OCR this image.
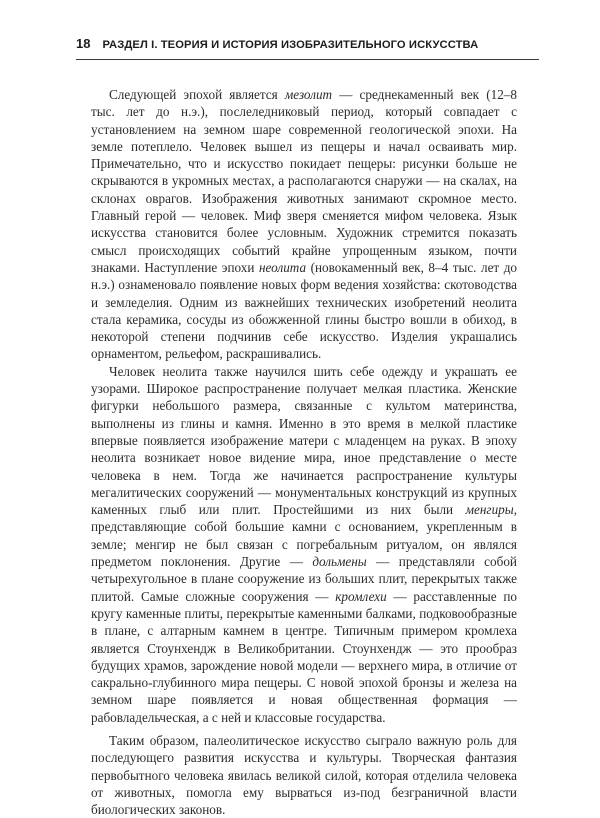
18 РАЗДЕЛ I. ТЕОРИЯ И ИСТОРИЯ ИЗОБРАЗИТЕЛЬНОГО ИСКУССТВА

Следующей эпохой является мезолит — среднекаменный век (12–8 тыс. лет до н.э.), послеледниковый период, который совпадает с установлением на земном шаре современной геологической эпохи. На земле потеплело. Человек вышел из пещеры и начал осваивать мир. Примечательно, что и искусство покидает пещеры: рисунки больше не скрываются в укромных местах, а располагаются снаружи — на скалах, на склонах оврагов. Изображения животных занимают скромное место. Главный герой — человек. Миф зверя сменяется мифом человека. Язык искусства становится более условным. Художник стремится показать смысл происходящих событий крайне упрощенным языком, почти знаками. Наступление эпохи неолита (новокаменный век, 8–4 тыс. лет до н.э.) ознаменовало появление новых форм ведения хозяйства: скотоводства и земледелия. Одним из важнейших технических изобретений неолита стала керамика, сосуды из обожженной глины быстро вошли в обиход, в некоторой степени подчинив себе искусство. Изделия украшались орнаментом, рельефом, раскрашивались.

Человек неолита также научился шить себе одежду и украшать ее узорами. Широкое распространение получает мелкая пластика. Женские фигурки небольшого размера, связанные с культом материнства, выполнены из глины и камня. Именно в это время в мелкой пластике впервые появляется изображение матери с младенцем на руках. В эпоху неолита возникает новое видение мира, иное представление о месте человека в нем. Тогда же начинается распространение культуры мегалитических сооружений — монументальных конструкций из крупных каменных глыб или плит. Простейшими из них были менгиры, представляющие собой большие камни с основанием, укрепленным в земле; менгир не был связан с погребальным ритуалом, он являлся предметом поклонения. Другие — дольмены — представляли собой четырехугольное в плане сооружение из больших плит, перекрытых также плитой. Самые сложные сооружения — кромлехи — расставленные по кругу каменные плиты, перекрытые каменными балками, подковообразные в плане, с алтарным камнем в центре. Типичным примером кромлеха является Стоунхендж в Великобритании. Стоунхендж — это прообраз будущих храмов, зарождение новой модели — верхнего мира, в отличие от сакрально-глубинного мира пещеры. С новой эпохой бронзы и железа на земном шаре появляется и новая общественная формация — рабовладельческая, а с ней и классовые государства.

Таким образом, палеолитическое искусство сыграло важную роль для последующего развития искусства и культуры. Творческая фантазия первобытного человека явилась великой силой, которая отделила человека от животных, помогла ему вырваться из-под безграничной власти биологических законов.
